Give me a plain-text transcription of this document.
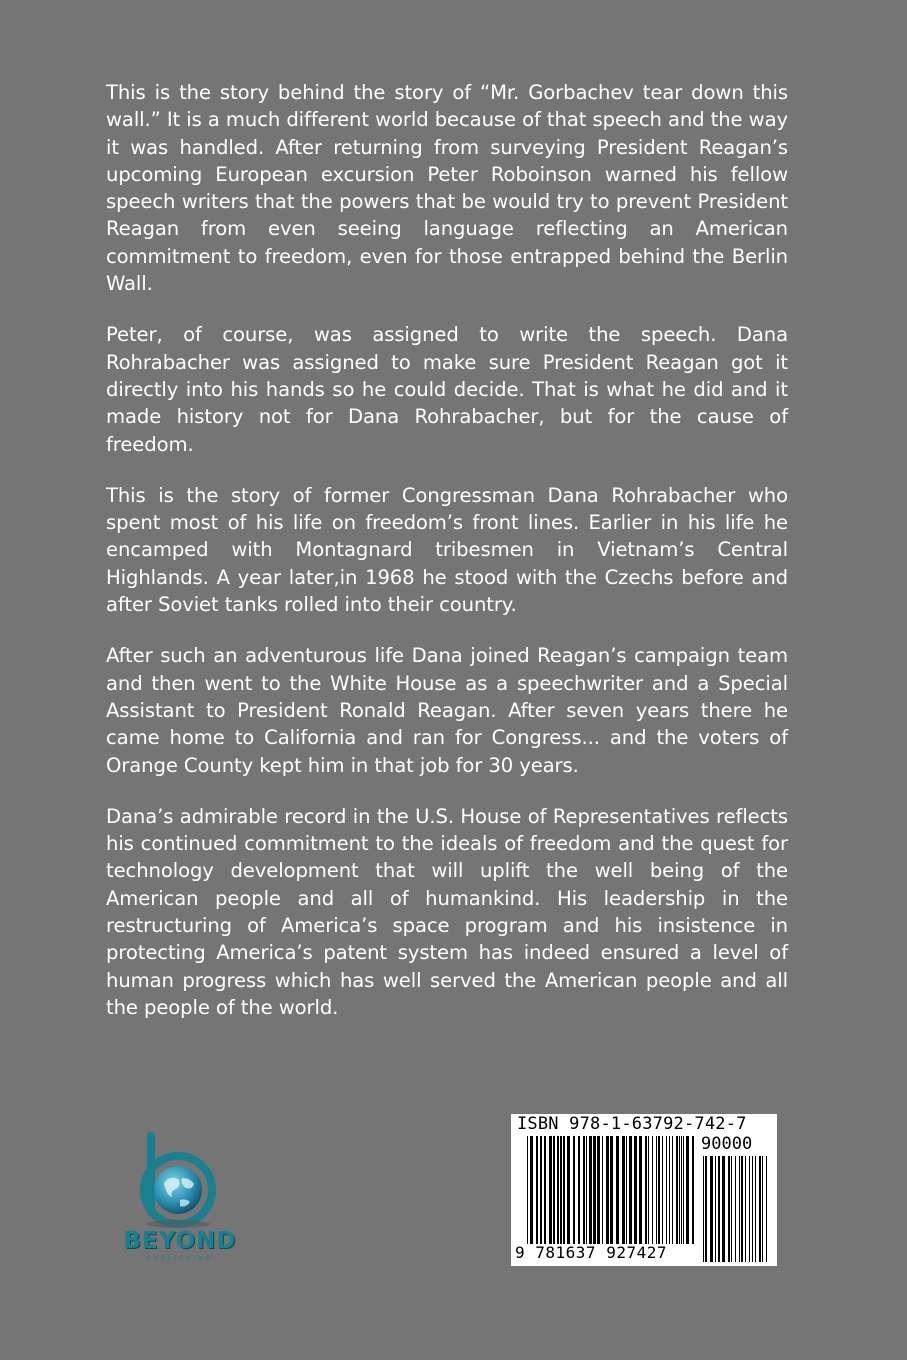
This is the story behind the story of “Mr. Gorbachev tear down this wall.” It is a much different world because of that speech and the way it was handled. After returning from surveying President Reagan’s upcoming European excursion Peter Roboinson warned his fellow speech writers that the powers that be would try to prevent President Reagan from even seeing language reflecting an American commitment to freedom, even for those entrapped behind the Berlin Wall.

Peter, of course, was assigned to write the speech. Dana Rohrabacher was assigned to make sure President Reagan got it directly into his hands so he could decide. That is what he did and it made history not for Dana Rohrabacher, but for the cause of freedom.

This is the story of former Congressman Dana Rohrabacher who spent most of his life on freedom’s front lines. Earlier in his life he encamped with Montagnard tribesmen in Vietnam’s Central Highlands. A year later,in 1968 he stood with the Czechs before and after Soviet tanks rolled into their country.

After such an adventurous life Dana joined Reagan’s campaign team and then went to the White House as a speechwriter and a Special Assistant to President Ronald Reagan. After seven years there he came home to California and ran for Congress... and the voters of Orange County kept him in that job for 30 years.

Dana’s admirable record in the U.S. House of Representatives reflects his continued commitment to the ideals of freedom and the quest for technology development that will uplift the well being of the American people and all of humankind. His leadership in the restructuring of America’s space program and his insistence in protecting America’s patent system has indeed ensured a level of human progress which has well served the American people and all the people of the world.

BEYOND
PUBLISHING
ISBN 978-1-63792-742-7
90000
9 781637 927427
